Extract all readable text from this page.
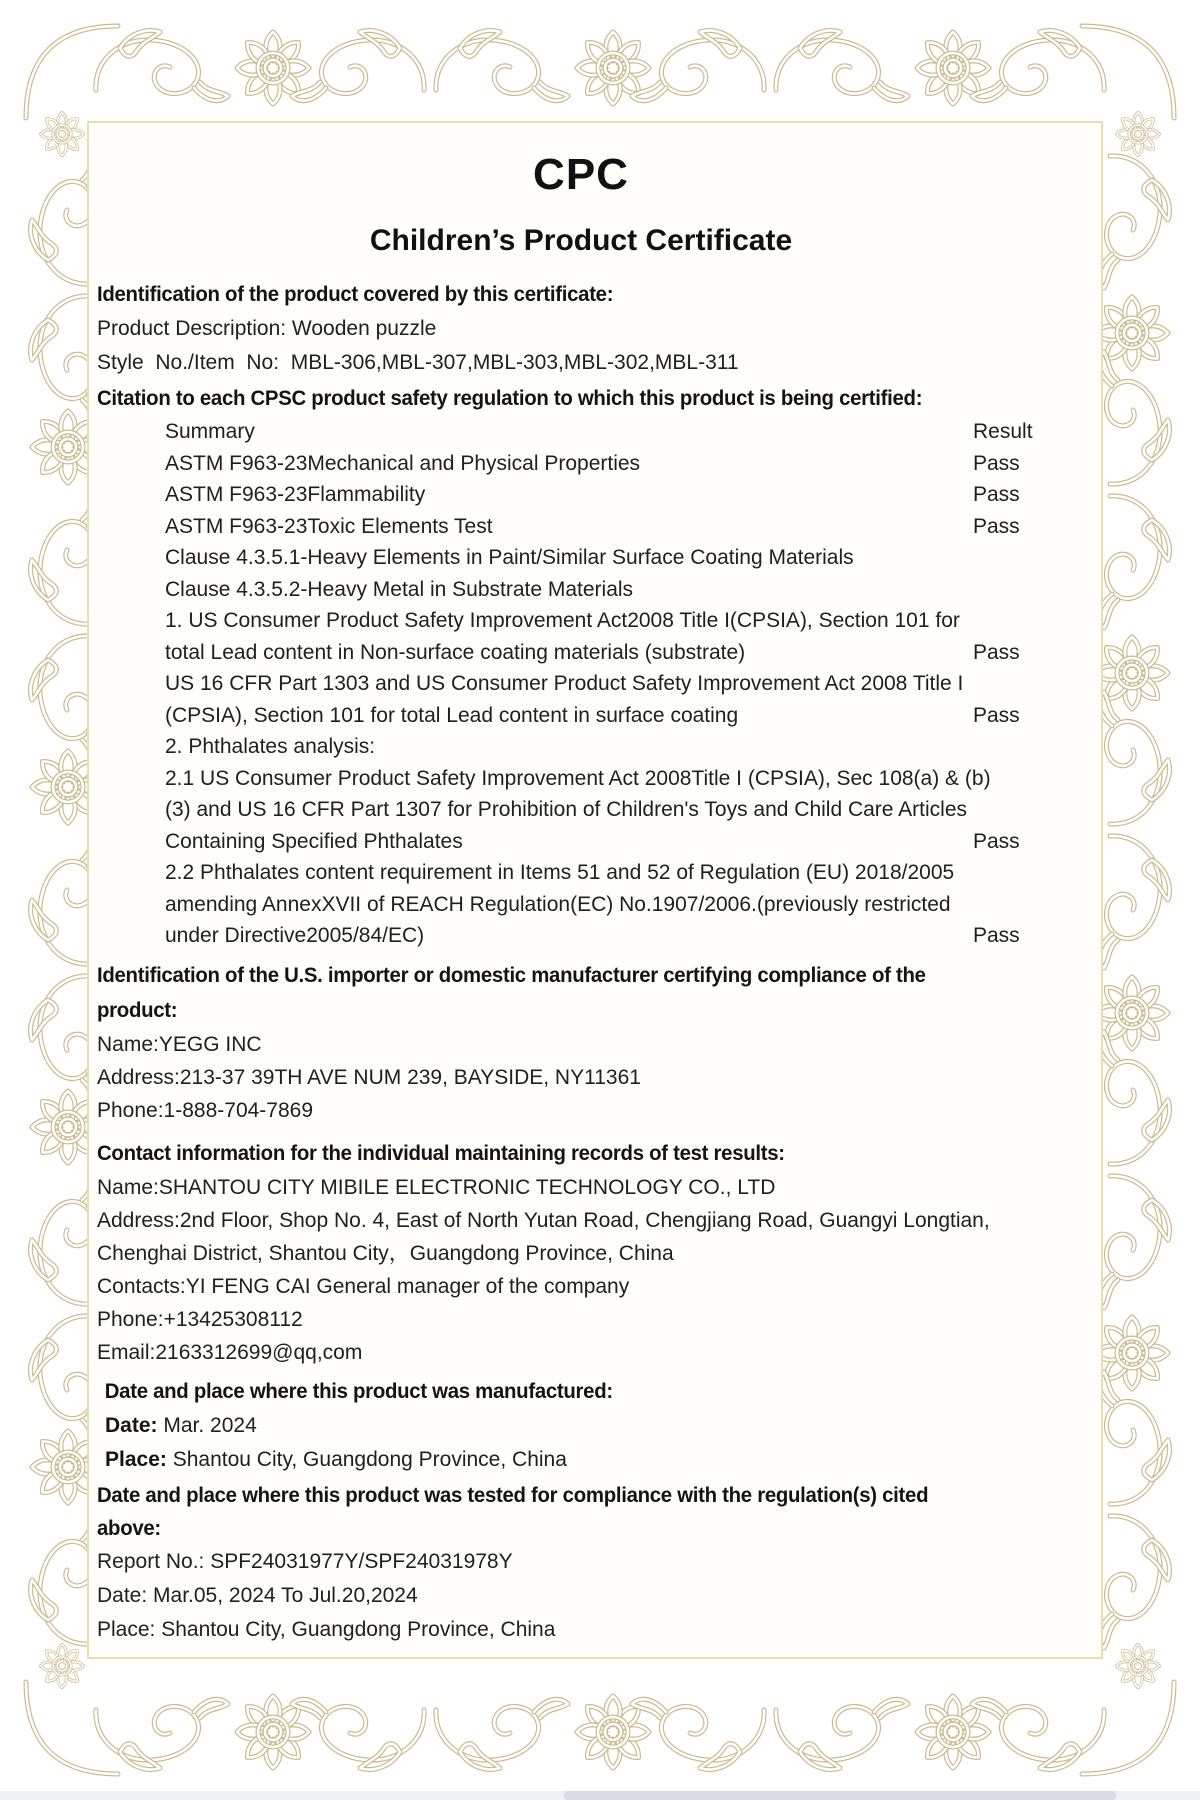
CPC
Children’s Product Certificate
Identification of the product covered by this certificate:
Product Description: Wooden puzzle
Style  No./Item  No:  MBL-306,MBL-307,MBL-303,MBL-302,MBL-311
Citation to each CPSC product safety regulation to which this product is being certified:
Summary	Result
ASTM F963-23Mechanical and Physical Properties	Pass
ASTM F963-23Flammability	Pass
ASTM F963-23Toxic Elements Test	Pass
Clause 4.3.5.1-Heavy Elements in Paint/Similar Surface Coating Materials
Clause 4.3.5.2-Heavy Metal in Substrate Materials
1. US Consumer Product Safety Improvement Act2008 Title I(CPSIA), Section 101 for
total Lead content in Non-surface coating materials (substrate)	Pass
US 16 CFR Part 1303 and US Consumer Product Safety Improvement Act 2008 Title I
(CPSIA), Section 101 for total Lead content in surface coating	Pass
2. Phthalates analysis:
2.1 US Consumer Product Safety Improvement Act 2008Title I (CPSIA), Sec 108(a) & (b)
(3) and US 16 CFR Part 1307 for Prohibition of Children's Toys and Child Care Articles
Containing Specified Phthalates	Pass
2.2 Phthalates content requirement in Items 51 and 52 of Regulation (EU) 2018/2005
amending AnnexXVII of REACH Regulation(EC) No.1907/2006.(previously restricted
under Directive2005/84/EC)	Pass
Identification of the U.S. importer or domestic manufacturer certifying compliance of the
product:
Name:YEGG INC
Address:213-37 39TH AVE NUM 239, BAYSIDE, NY11361
Phone:1-888-704-7869
Contact information for the individual maintaining records of test results:
Name:SHANTOU CITY MIBILE ELECTRONIC TECHNOLOGY CO., LTD
Address:2nd Floor, Shop No. 4, East of North Yutan Road, Chengjiang Road, Guangyi Longtian,
Chenghai District, Shantou City，Guangdong Province, China
Contacts:YI FENG CAI General manager of the company
Phone:+13425308112
Email:2163312699@qq,com
Date and place where this product was manufactured:
Date: Mar. 2024
Place: Shantou City, Guangdong Province, China
Date and place where this product was tested for compliance with the regulation(s) cited
above:
Report No.: SPF24031977Y/SPF24031978Y
Date: Mar.05, 2024 To Jul.20,2024
Place: Shantou City, Guangdong Province, China
